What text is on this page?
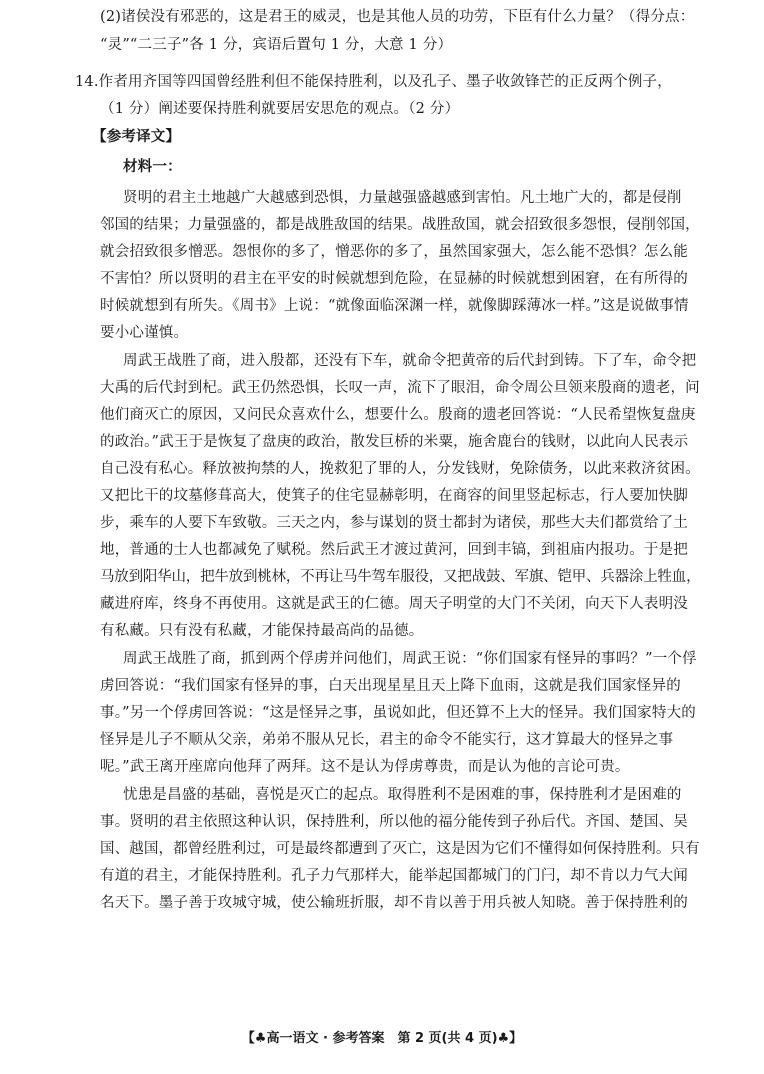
(2)诸侯没有邪恶的，这是君王的威灵，也是其他人员的功劳，下臣有什么力量？（得分点：
“灵”“二三子”各 1 分，宾语后置句 1 分，大意 1 分）
14.作者用齐国等四国曾经胜利但不能保持胜利，以及孔子、墨子收敛锋芒的正反两个例子，
（1 分）阐述要保持胜利就要居安思危的观点。（2 分）
【参考译文】
材料一：
贤明的君主土地越广大越感到恐惧，力量越强盛越感到害怕。凡土地广大的，都是侵削
邻国的结果；力量强盛的，都是战胜敌国的结果。战胜敌国，就会招致很多怨恨，侵削邻国，
就会招致很多憎恶。怨恨你的多了，憎恶你的多了，虽然国家强大，怎么能不恐惧？怎么能
不害怕？所以贤明的君主在平安的时候就想到危险，在显赫的时候就想到困窘，在有所得的
时候就想到有所失。《周书》上说：“就像面临深渊一样，就像脚踩薄冰一样。”这是说做事情
要小心谨慎。
周武王战胜了商，进入殷都，还没有下车，就命令把黄帝的后代封到铸。下了车，命令把
大禹的后代封到杞。武王仍然恐惧，长叹一声，流下了眼泪，命令周公旦领来殷商的遗老，问
他们商灭亡的原因，又问民众喜欢什么，想要什么。殷商的遗老回答说：“人民希望恢复盘庚
的政治。”武王于是恢复了盘庚的政治，散发巨桥的米粟，施舍鹿台的钱财，以此向人民表示
自己没有私心。释放被拘禁的人，挽救犯了罪的人，分发钱财，免除债务，以此来救济贫困。
又把比干的坟墓修葺高大，使箕子的住宅显赫彰明，在商容的间里竖起标志，行人要加快脚
步，乘车的人要下车致敬。三天之内，参与谋划的贤士都封为诸侯，那些大夫们都赏给了土
地，普通的士人也都减免了赋税。然后武王才渡过黄河，回到丰镐，到祖庙内报功。于是把
马放到阳华山，把牛放到桃林，不再让马牛驾车服役，又把战鼓、军旗、铠甲、兵器涂上牲血，
藏进府库，终身不再使用。这就是武王的仁德。周天子明堂的大门不关闭，向天下人表明没
有私藏。只有没有私藏，才能保持最高尚的品德。
周武王战胜了商，抓到两个俘虏并问他们，周武王说：“你们国家有怪异的事吗？”一个俘
虏回答说：“我们国家有怪异的事，白天出现星星且天上降下血雨，这就是我们国家怪异的
事。”另一个俘虏回答说：“这是怪异之事，虽说如此，但还算不上大的怪异。我们国家特大的
怪异是儿子不顺从父亲，弟弟不服从兄长，君主的命令不能实行，这才算最大的怪异之事
呢。”武王离开座席向他拜了两拜。这不是认为俘虏尊贵，而是认为他的言论可贵。
忧患是昌盛的基础，喜悦是灭亡的起点。取得胜利不是困难的事，保持胜利才是困难的
事。贤明的君主依照这种认识，保持胜利，所以他的福分能传到子孙后代。齐国、楚国、吴
国、越国，都曾经胜利过，可是最终都遭到了灭亡，这是因为它们不懂得如何保持胜利。只有
有道的君主，才能保持胜利。孔子力气那样大，能举起国都城门的门闩，却不肯以力气大闻
名天下。墨子善于攻城守城，使公输班折服，却不肯以善于用兵被人知晓。善于保持胜利的
【♣高一语文 · 参考答案　第 2 页(共 4 页)♣】
